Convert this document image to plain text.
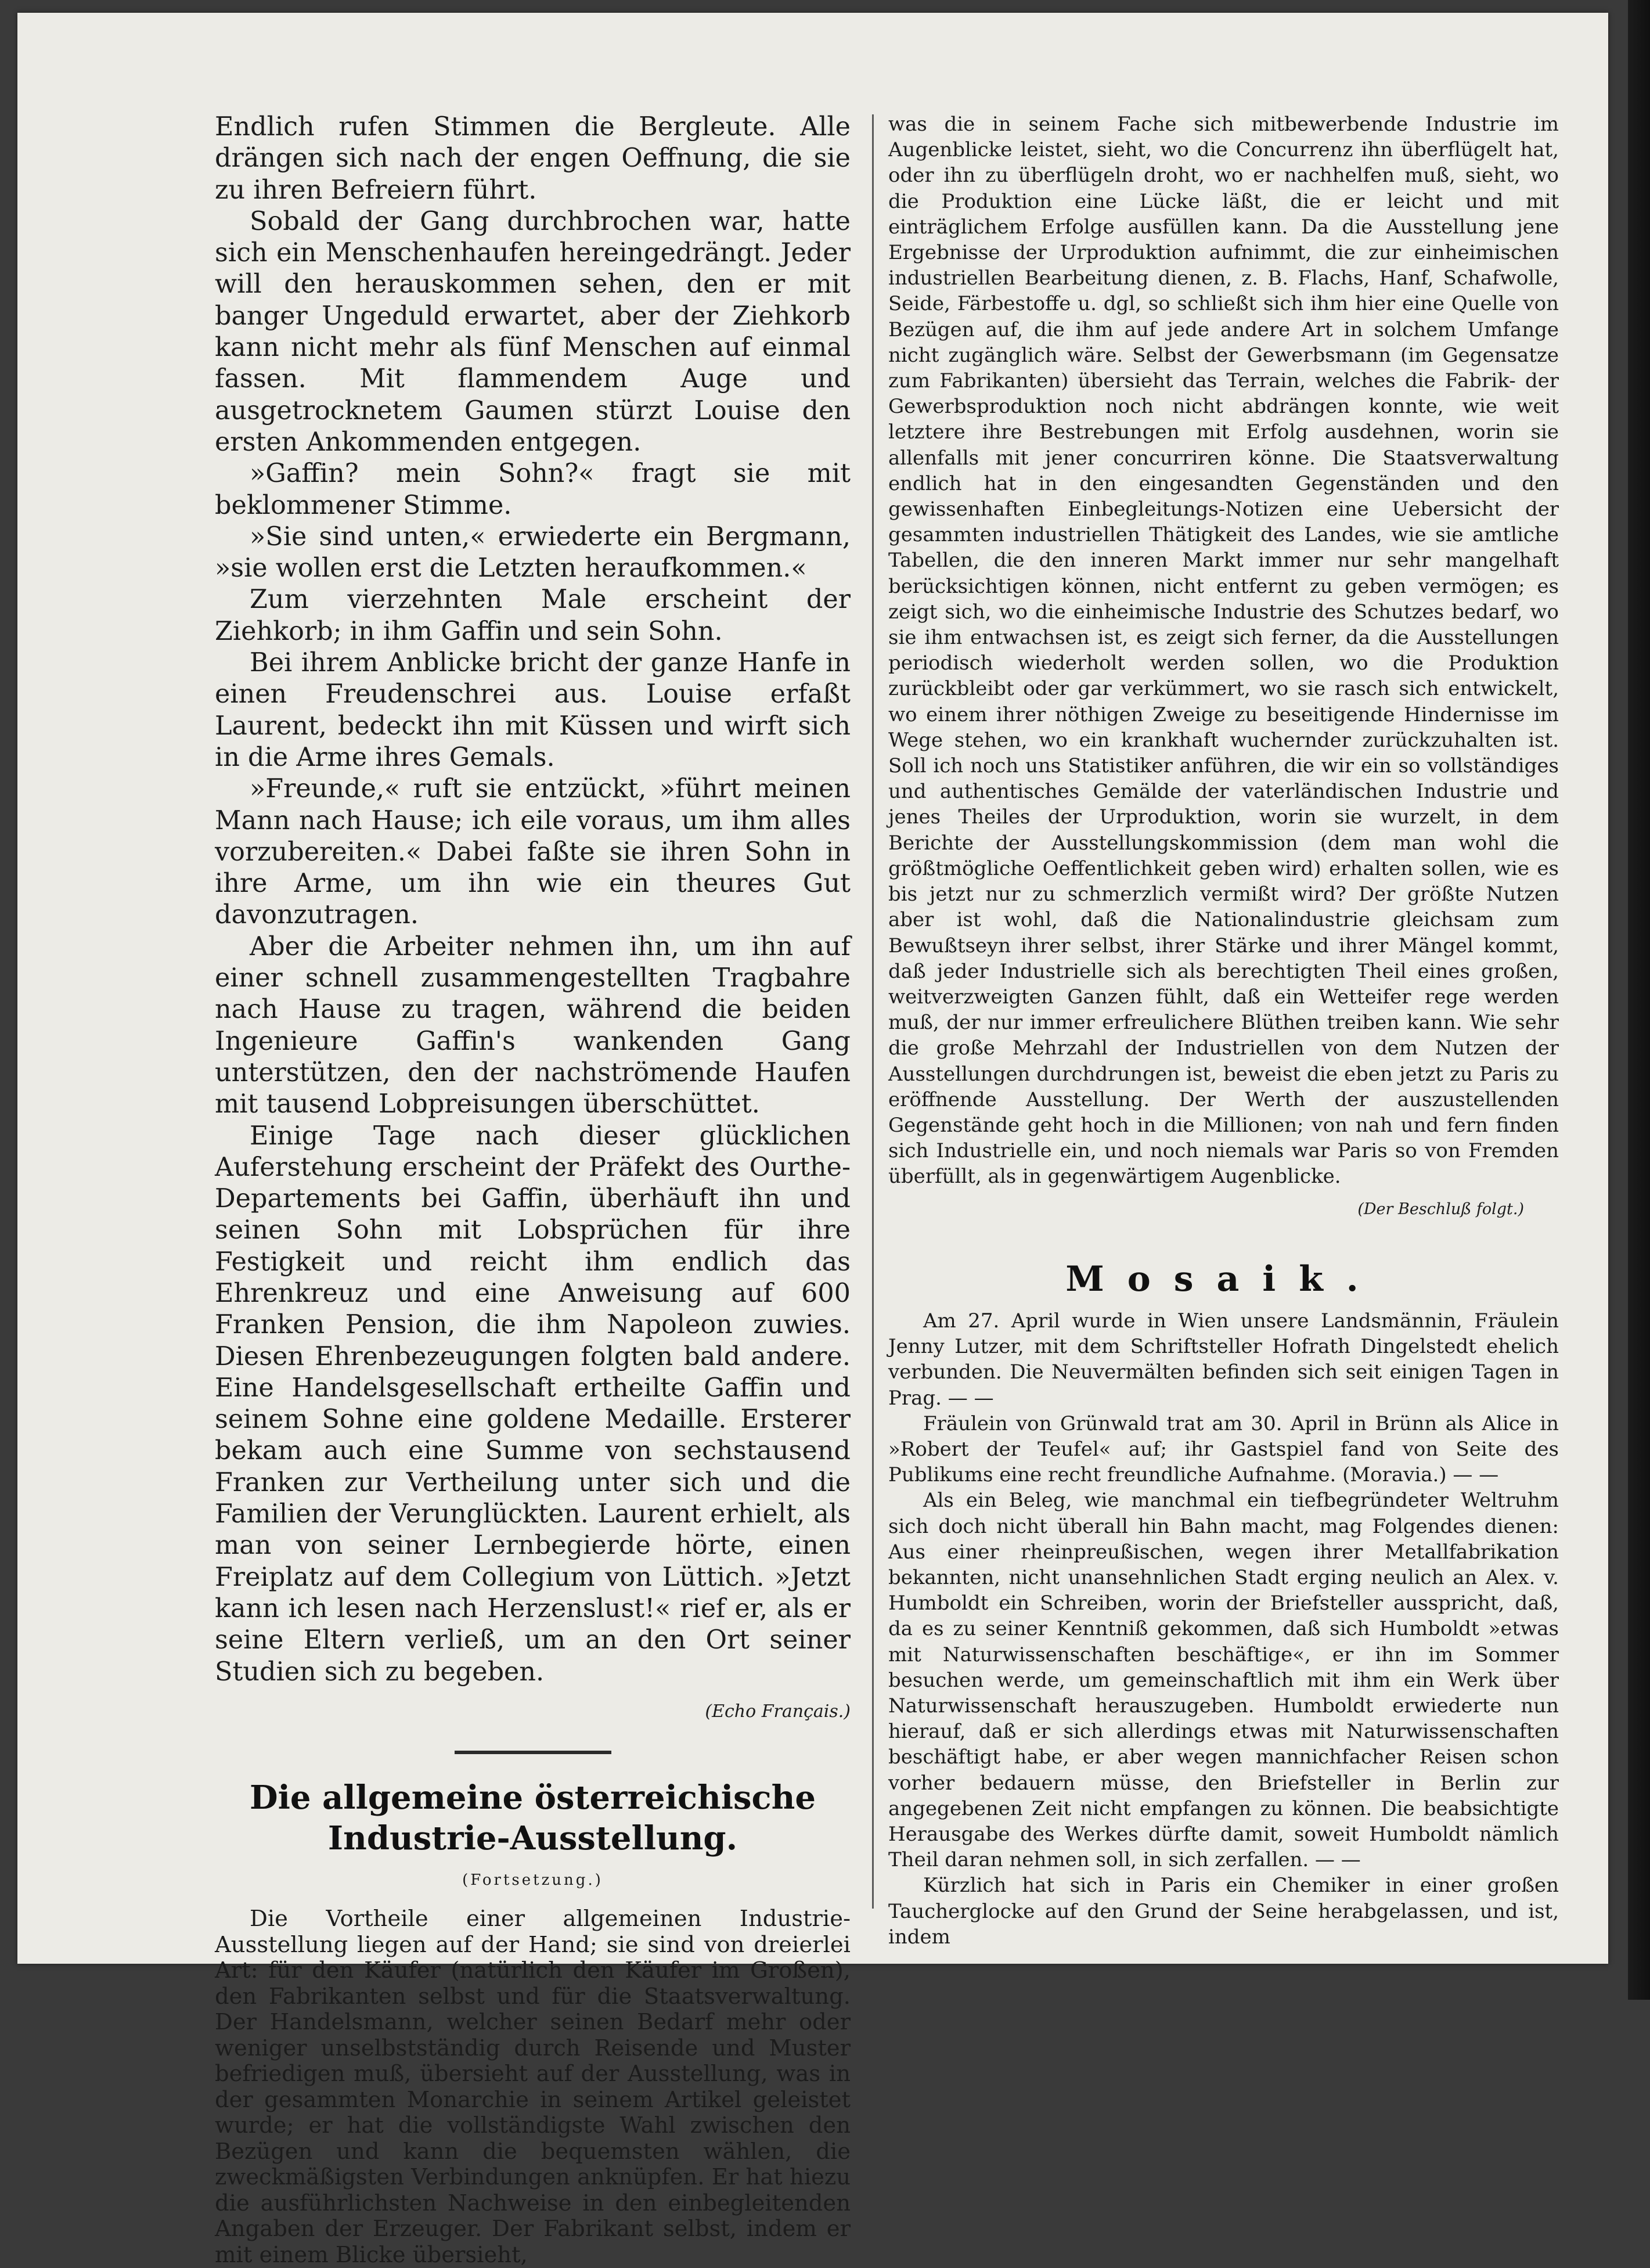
Endlich rufen Stimmen die Bergleute. Alle drängen sich nach der engen Oeffnung, die sie zu ihren Befreiern führt.

Sobald der Gang durchbrochen war, hatte sich ein Menschenhaufen hereingedrängt. Jeder will den herauskommen sehen, den er mit banger Ungeduld erwartet, aber der Ziehkorb kann nicht mehr als fünf Menschen auf einmal fassen. Mit flammendem Auge und ausgetrocknetem Gaumen stürzt Louise den ersten Ankommenden entgegen.

»Gaffin? mein Sohn?« fragt sie mit beklommener Stimme.

»Sie sind unten,« erwiederte ein Bergmann, »sie wollen erst die Letzten heraufkommen.«

Zum vierzehnten Male erscheint der Ziehkorb; in ihm Gaffin und sein Sohn.

Bei ihrem Anblicke bricht der ganze Hanfe in einen Freudenschrei aus. Louise erfaßt Laurent, bedeckt ihn mit Küssen und wirft sich in die Arme ihres Gemals.

»Freunde,« ruft sie entzückt, »führt meinen Mann nach Hause; ich eile voraus, um ihm alles vorzubereiten.« Dabei faßte sie ihren Sohn in ihre Arme, um ihn wie ein theures Gut davonzutragen.

Aber die Arbeiter nehmen ihn, um ihn auf einer schnell zusammengestellten Tragbahre nach Hause zu tragen, während die beiden Ingenieure Gaffin's wankenden Gang unterstützen, den der nachströmende Haufen mit tausend Lobpreisungen überschüttet.

Einige Tage nach dieser glücklichen Auferstehung erscheint der Präfekt des Ourthe-Departements bei Gaffin, überhäuft ihn und seinen Sohn mit Lobsprüchen für ihre Festigkeit und reicht ihm endlich das Ehrenkreuz und eine Anweisung auf 600 Franken Pension, die ihm Napoleon zuwies. Diesen Ehrenbezeugungen folgten bald andere. Eine Handelsgesellschaft ertheilte Gaffin und seinem Sohne eine goldene Medaille. Ersterer bekam auch eine Summe von sechstausend Franken zur Vertheilung unter sich und die Familien der Verunglückten. Laurent erhielt, als man von seiner Lernbegierde hörte, einen Freiplatz auf dem Collegium von Lüttich. »Jetzt kann ich lesen nach Herzenslust!« rief er, als er seine Eltern verließ, um an den Ort seiner Studien sich zu begeben.

(Echo Français.)
Die allgemeine österreichische Industrie-Ausstellung.
(Fortsetzung.)

Die Vortheile einer allgemeinen Industrie-Ausstellung liegen auf der Hand; sie sind von dreierlei Art: für den Käufer (natürlich den Käufer im Großen), den Fabrikanten selbst und für die Staatsverwaltung. Der Handelsmann, welcher seinen Bedarf mehr oder weniger unselbstständig durch Reisende und Muster befriedigen muß, übersieht auf der Ausstellung, was in der gesammten Monarchie in seinem Artikel geleistet wurde; er hat die vollständigste Wahl zwischen den Bezügen und kann die bequemsten wählen, die zweckmäßigsten Verbindungen anknüpfen. Er hat hiezu die ausführlichsten Nachweise in den einbegleitenden Angaben der Erzeuger. Der Fabrikant selbst, indem er mit einem Blicke übersieht,

was die in seinem Fache sich mitbewerbende Industrie im Augenblicke leistet, sieht, wo die Concurrenz ihn überflügelt hat, oder ihn zu überflügeln droht, wo er nachhelfen muß, sieht, wo die Produktion eine Lücke läßt, die er leicht und mit einträglichem Erfolge ausfüllen kann. Da die Ausstellung jene Ergebnisse der Urproduktion aufnimmt, die zur einheimischen industriellen Bearbeitung dienen, z. B. Flachs, Hanf, Schafwolle, Seide, Färbestoffe u. dgl, so schließt sich ihm hier eine Quelle von Bezügen auf, die ihm auf jede andere Art in solchem Umfange nicht zugänglich wäre. Selbst der Gewerbsmann (im Gegensatze zum Fabrikanten) übersieht das Terrain, welches die Fabrik- der Gewerbsproduktion noch nicht abdrängen konnte, wie weit letztere ihre Bestrebungen mit Erfolg ausdehnen, worin sie allenfalls mit jener concurriren könne. Die Staatsverwaltung endlich hat in den eingesandten Gegenständen und den gewissenhaften Einbegleitungs-Notizen eine Uebersicht der gesammten industriellen Thätigkeit des Landes, wie sie amtliche Tabellen, die den inneren Markt immer nur sehr mangelhaft berücksichtigen können, nicht entfernt zu geben vermögen; es zeigt sich, wo die einheimische Industrie des Schutzes bedarf, wo sie ihm entwachsen ist, es zeigt sich ferner, da die Ausstellungen periodisch wiederholt werden sollen, wo die Produktion zurückbleibt oder gar verkümmert, wo sie rasch sich entwickelt, wo einem ihrer nöthigen Zweige zu beseitigende Hindernisse im Wege stehen, wo ein krankhaft wuchernder zurückzuhalten ist. Soll ich noch uns Statistiker anführen, die wir ein so vollständiges und authentisches Gemälde der vaterländischen Industrie und jenes Theiles der Urproduktion, worin sie wurzelt, in dem Berichte der Ausstellungskommission (dem man wohl die größtmögliche Oeffentlichkeit geben wird) erhalten sollen, wie es bis jetzt nur zu schmerzlich vermißt wird? Der größte Nutzen aber ist wohl, daß die Nationalindustrie gleichsam zum Bewußtseyn ihrer selbst, ihrer Stärke und ihrer Mängel kommt, daß jeder Industrielle sich als berechtigten Theil eines großen, weitverzweigten Ganzen fühlt, daß ein Wetteifer rege werden muß, der nur immer erfreulichere Blüthen treiben kann. Wie sehr die große Mehrzahl der Industriellen von dem Nutzen der Ausstellungen durchdrungen ist, beweist die eben jetzt zu Paris zu eröffnende Ausstellung. Der Werth der auszustellenden Gegenstände geht hoch in die Millionen; von nah und fern finden sich Industrielle ein, und noch niemals war Paris so von Fremden überfüllt, als in gegenwärtigem Augenblicke.

(Der Beschluß folgt.)
Mosaik.

Am 27. April wurde in Wien unsere Landsmännin, Fräulein Jenny Lutzer, mit dem Schriftsteller Hofrath Dingelstedt ehelich verbunden. Die Neuvermälten befinden sich seit einigen Tagen in Prag. — —

Fräulein von Grünwald trat am 30. April in Brünn als Alice in »Robert der Teufel« auf; ihr Gastspiel fand von Seite des Publikums eine recht freundliche Aufnahme. (Moravia.) — —

Als ein Beleg, wie manchmal ein tiefbegründeter Weltruhm sich doch nicht überall hin Bahn macht, mag Folgendes dienen: Aus einer rheinpreußischen, wegen ihrer Metallfabrikation bekannten, nicht unansehnlichen Stadt erging neulich an Alex. v. Humboldt ein Schreiben, worin der Briefsteller ausspricht, daß, da es zu seiner Kenntniß gekommen, daß sich Humboldt »etwas mit Naturwissenschaften beschäftige«, er ihn im Sommer besuchen werde, um gemeinschaftlich mit ihm ein Werk über Naturwissenschaft herauszugeben. Humboldt erwiederte nun hierauf, daß er sich allerdings etwas mit Naturwissenschaften beschäftigt habe, er aber wegen mannichfacher Reisen schon vorher bedauern müsse, den Briefsteller in Berlin zur angegebenen Zeit nicht empfangen zu können. Die beabsichtigte Herausgabe des Werkes dürfte damit, soweit Humboldt nämlich Theil daran nehmen soll, in sich zerfallen. — —

Kürzlich hat sich in Paris ein Chemiker in einer großen Taucherglocke auf den Grund der Seine herabgelassen, und ist, indem
